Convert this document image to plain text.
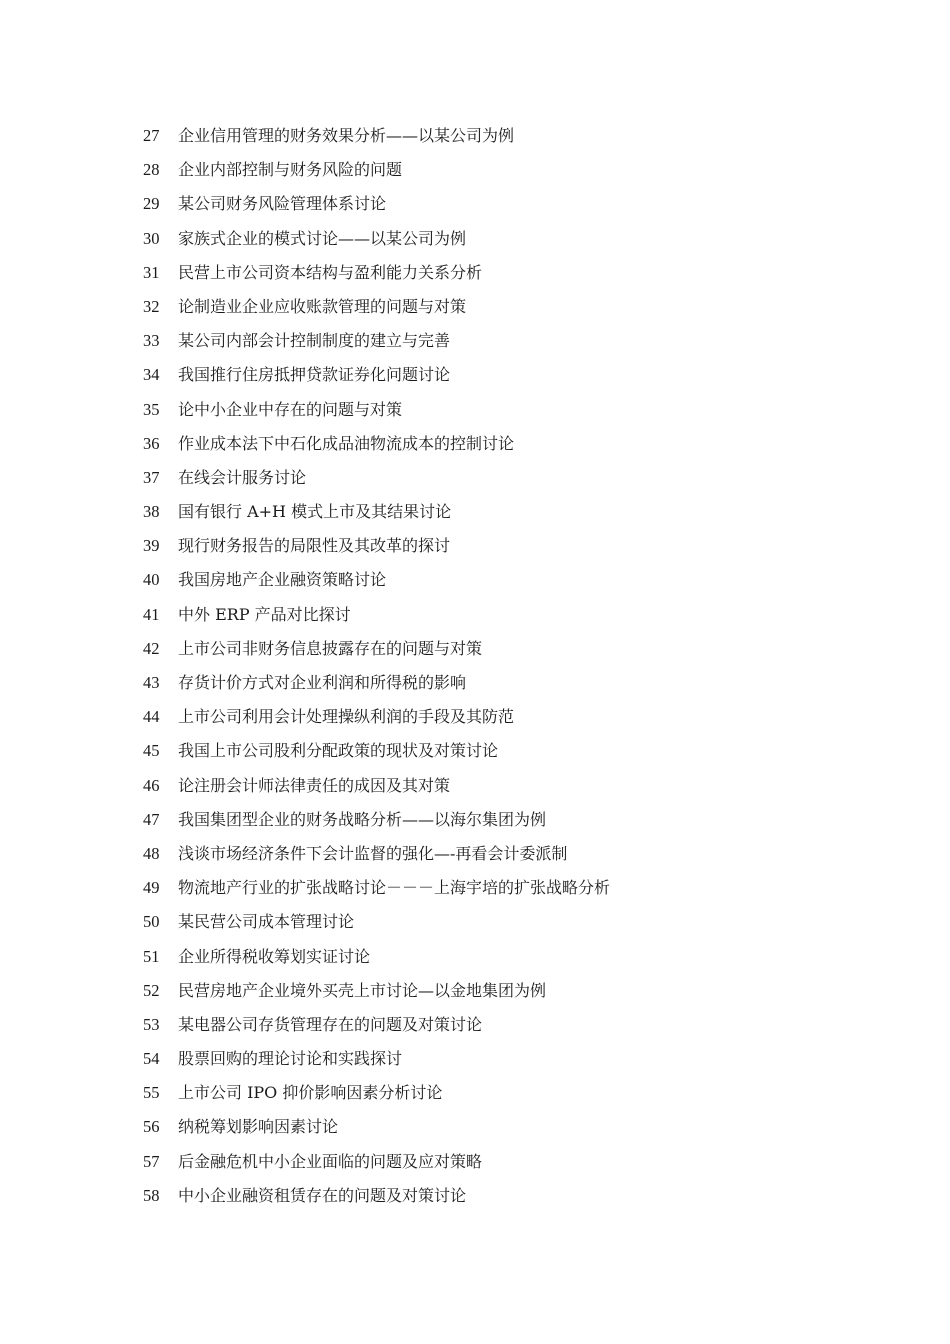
27	企业信用管理的财务效果分析——以某公司为例
28	企业内部控制与财务风险的问题
29	某公司财务风险管理体系讨论
30	家族式企业的模式讨论——以某公司为例
31	民营上市公司资本结构与盈利能力关系分析
32	论制造业企业应收账款管理的问题与对策
33	某公司内部会计控制制度的建立与完善
34	我国推行住房抵押贷款证券化问题讨论
35	论中小企业中存在的问题与对策
36	作业成本法下中石化成品油物流成本的控制讨论
37	在线会计服务讨论
38	国有银行 A+H 模式上市及其结果讨论
39	现行财务报告的局限性及其改革的探讨
40	我国房地产企业融资策略讨论
41	中外 ERP 产品对比探讨
42	上市公司非财务信息披露存在的问题与对策
43	存货计价方式对企业利润和所得税的影响
44	上市公司利用会计处理操纵利润的手段及其防范
45	我国上市公司股利分配政策的现状及对策讨论
46	论注册会计师法律责任的成因及其对策
47	我国集团型企业的财务战略分析——以海尔集团为例
48	浅谈市场经济条件下会计监督的强化—-再看会计委派制
49	物流地产行业的扩张战略讨论－－－上海宇培的扩张战略分析
50	某民营公司成本管理讨论
51	企业所得税收筹划实证讨论
52	民营房地产企业境外买壳上市讨论—以金地集团为例
53	某电器公司存货管理存在的问题及对策讨论
54	股票回购的理论讨论和实践探讨
55	上市公司 IPO 抑价影响因素分析讨论
56	纳税筹划影响因素讨论
57	后金融危机中小企业面临的问题及应对策略
58	中小企业融资租赁存在的问题及对策讨论
